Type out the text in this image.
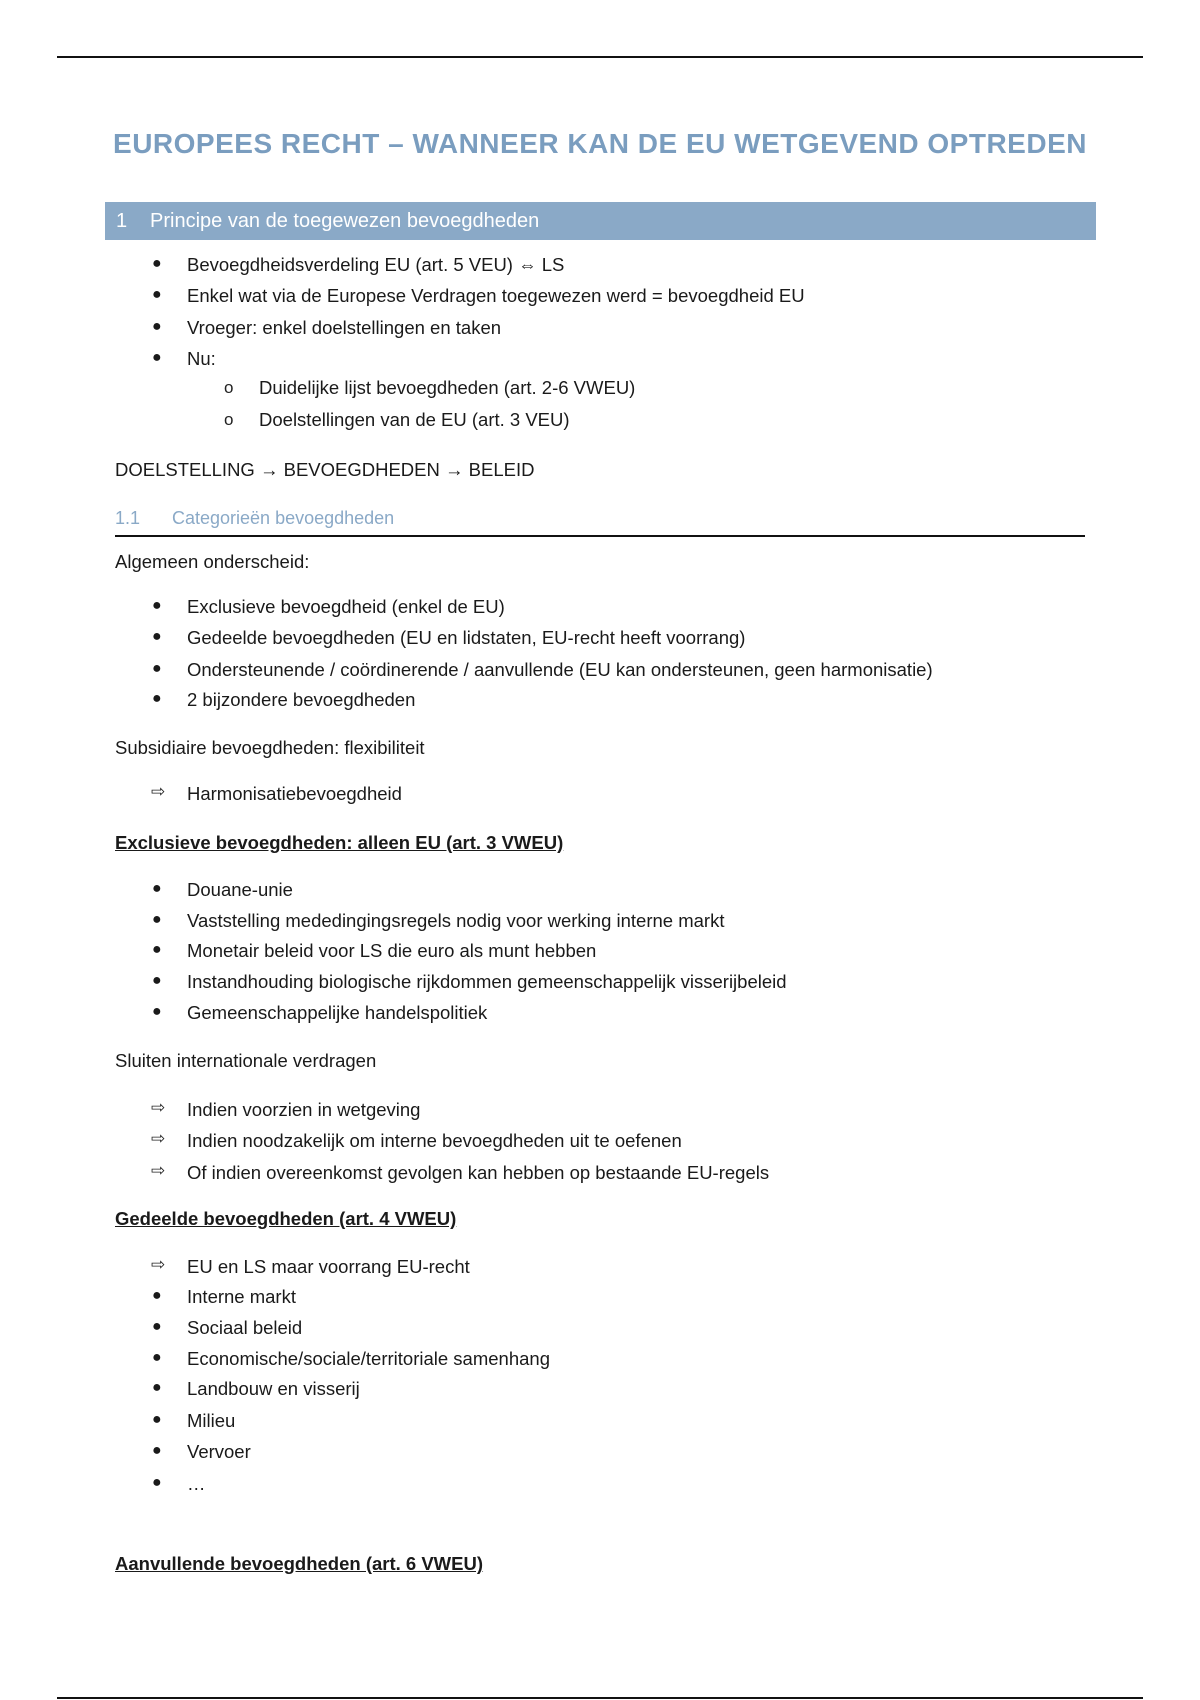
EUROPEES RECHT – WANNEER KAN DE EU WETGEVEND OPTREDEN
1 Principe van de toegewezen bevoegdheden
● Bevoegdheidsverdeling EU (art. 5 VEU) ⇔ LS
● Enkel wat via de Europese Verdragen toegewezen werd = bevoegdheid EU
● Vroeger: enkel doelstellingen en taken
● Nu:
o Duidelijke lijst bevoegdheden (art. 2-6 VWEU)
o Doelstellingen van de EU (art. 3 VEU)
DOELSTELLING → BEVOEGDHEDEN → BELEID
1.1 Categorieën bevoegdheden
Algemeen onderscheid:
● Exclusieve bevoegdheid (enkel de EU)
● Gedeelde bevoegdheden (EU en lidstaten, EU-recht heeft voorrang)
● Ondersteunende / coördinerende / aanvullende (EU kan ondersteunen, geen harmonisatie)
● 2 bijzondere bevoegdheden
Subsidiaire bevoegdheden: flexibiliteit
⇨ Harmonisatiebevoegdheid
Exclusieve bevoegdheden: alleen EU (art. 3 VWEU)
● Douane-unie
● Vaststelling mededingingsregels nodig voor werking interne markt
● Monetair beleid voor LS die euro als munt hebben
● Instandhouding biologische rijkdommen gemeenschappelijk visserijbeleid
● Gemeenschappelijke handelspolitiek
Sluiten internationale verdragen
⇨ Indien voorzien in wetgeving
⇨ Indien noodzakelijk om interne bevoegdheden uit te oefenen
⇨ Of indien overeenkomst gevolgen kan hebben op bestaande EU-regels
Gedeelde bevoegdheden (art. 4 VWEU)
⇨ EU en LS maar voorrang EU-recht
● Interne markt
● Sociaal beleid
● Economische/sociale/territoriale samenhang
● Landbouw en visserij
● Milieu
● Vervoer
● …
Aanvullende bevoegdheden (art. 6 VWEU)
